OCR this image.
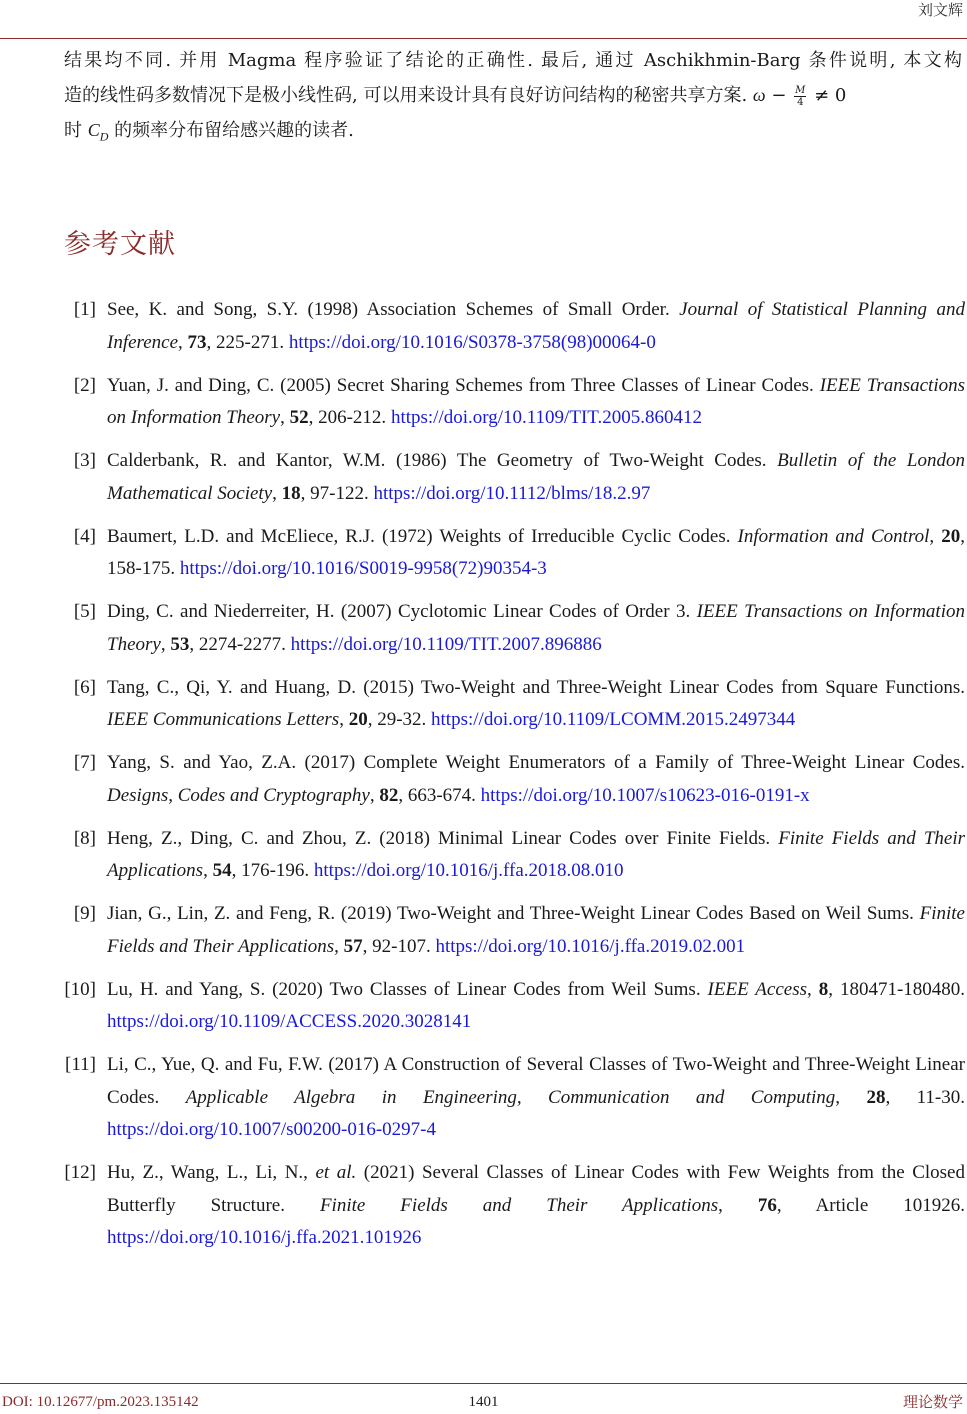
刘文辉
结果均不同. 并用 Magma 程序验证了结论的正确性. 最后, 通过 Aschikhmin-Barg 条件说明, 本文构
造的线性码多数情况下是极小线性码, 可以用来设计具有良好访问结构的秘密共享方案. $\omega - \frac{M}{4} \ne 0$
时 $C_D$ 的频率分布留给感兴趣的读者.
参考文献
[1] See, K. and Song, S.Y. (1998) Association Schemes of Small Order. Journal of Statistical Planning and Inference, 73, 225-271. https://doi.org/10.1016/S0378-3758(98)00064-0
[2] Yuan, J. and Ding, C. (2005) Secret Sharing Schemes from Three Classes of Linear Codes. IEEE Transactions on Information Theory, 52, 206-212. https://doi.org/10.1109/TIT.2005.860412
[3] Calderbank, R. and Kantor, W.M. (1986) The Geometry of Two-Weight Codes. Bulletin of the London Mathematical Society, 18, 97-122. https://doi.org/10.1112/blms/18.2.97
[4] Baumert, L.D. and McEliece, R.J. (1972) Weights of Irreducible Cyclic Codes. Information and Control, 20, 158-175. https://doi.org/10.1016/S0019-9958(72)90354-3
[5] Ding, C. and Niederreiter, H. (2007) Cyclotomic Linear Codes of Order 3. IEEE Transactions on Information Theory, 53, 2274-2277. https://doi.org/10.1109/TIT.2007.896886
[6] Tang, C., Qi, Y. and Huang, D. (2015) Two-Weight and Three-Weight Linear Codes from Square Functions. IEEE Communications Letters, 20, 29-32. https://doi.org/10.1109/LCOMM.2015.2497344
[7] Yang, S. and Yao, Z.A. (2017) Complete Weight Enumerators of a Family of Three-Weight Linear Codes. Designs, Codes and Cryptography, 82, 663-674. https://doi.org/10.1007/s10623-016-0191-x
[8] Heng, Z., Ding, C. and Zhou, Z. (2018) Minimal Linear Codes over Finite Fields. Finite Fields and Their Applications, 54, 176-196. https://doi.org/10.1016/j.ffa.2018.08.010
[9] Jian, G., Lin, Z. and Feng, R. (2019) Two-Weight and Three-Weight Linear Codes Based on Weil Sums. Finite Fields and Their Applications, 57, 92-107. https://doi.org/10.1016/j.ffa.2019.02.001
[10] Lu, H. and Yang, S. (2020) Two Classes of Linear Codes from Weil Sums. IEEE Access, 8, 180471-180480. https://doi.org/10.1109/ACCESS.2020.3028141
[11] Li, C., Yue, Q. and Fu, F.W. (2017) A Construction of Several Classes of Two-Weight and Three-Weight Linear Codes. Applicable Algebra in Engineering, Communication and Computing, 28, 11-30. https://doi.org/10.1007/s00200-016-0297-4
[12] Hu, Z., Wang, L., Li, N., et al. (2021) Several Classes of Linear Codes with Few Weights from the Closed Butterfly Structure. Finite Fields and Their Applications, 76, Article 101926. https://doi.org/10.1016/j.ffa.2021.101926
DOI: 10.12677/pm.2023.135142	1401	理论数学
